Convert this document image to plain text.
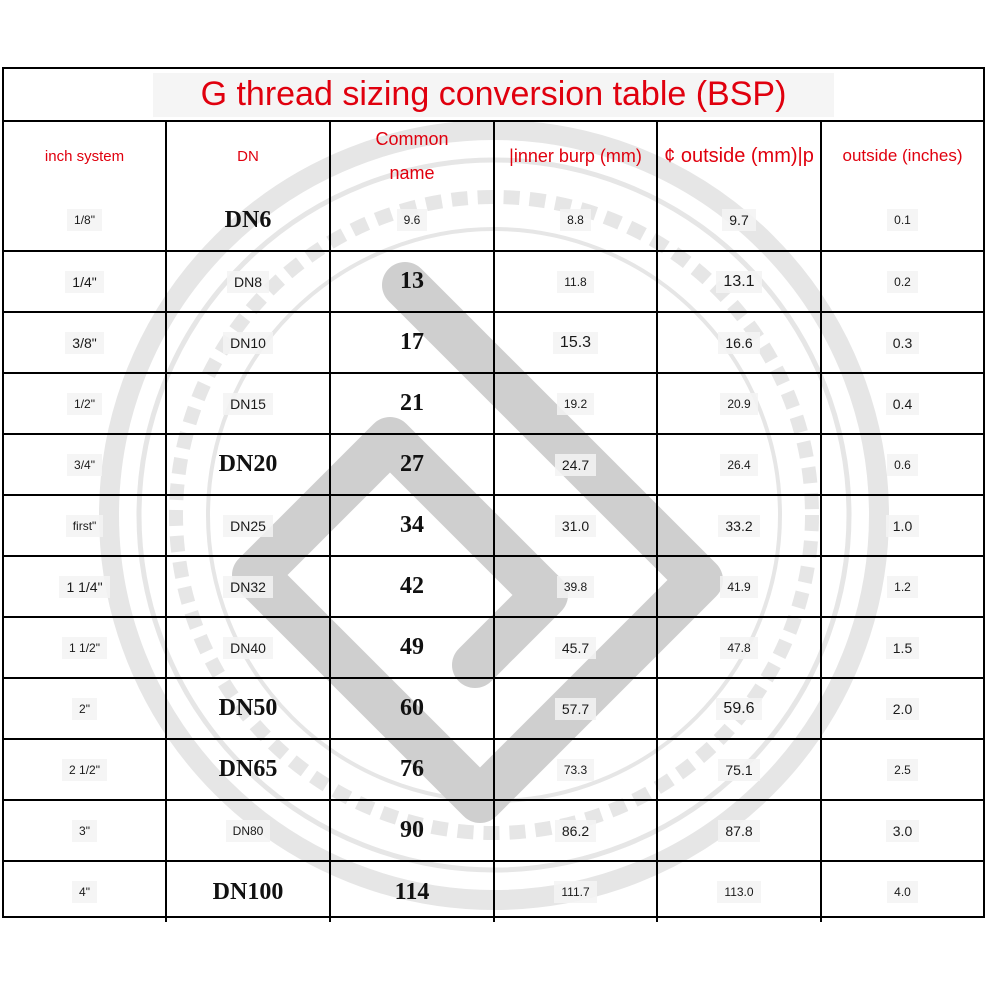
G thread sizing conversion table (BSP)
inch system	DN	Common name	|inner burp (mm)	¢ outside (mm)|p	outside (inches)
1/8"	DN6	9.6	8.8	9.7	0.1
1/4"	DN8	13	11.8	13.1	0.2
3/8"	DN10	17	15.3	16.6	0.3
1/2"	DN15	21	19.2	20.9	0.4
3/4"	DN20	27	24.7	26.4	0.6
first"	DN25	34	31.0	33.2	1.0
1 1/4"	DN32	42	39.8	41.9	1.2
1 1/2"	DN40	49	45.7	47.8	1.5
2"	DN50	60	57.7	59.6	2.0
2 1/2"	DN65	76	73.3	75.1	2.5
3"	DN80	90	86.2	87.8	3.0
4"	DN100	114	111.7	113.0	4.0
